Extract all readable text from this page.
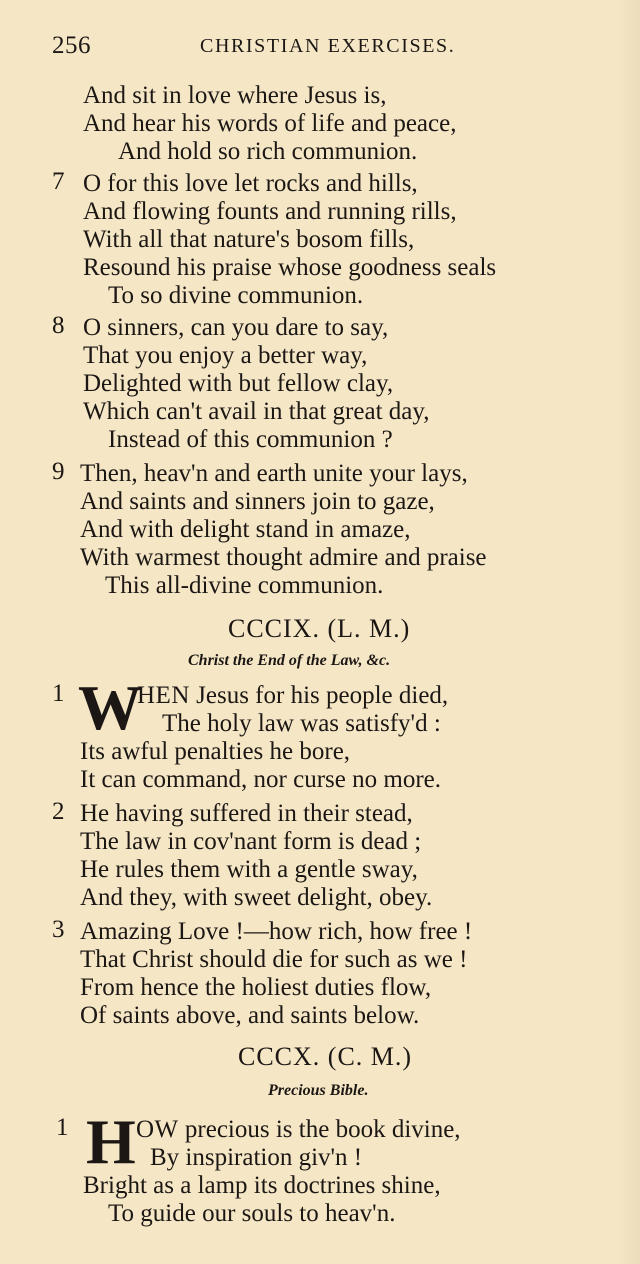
256	CHRISTIAN EXERCISES.
And sit in love where Jesus is,
And hear his words of life and peace,
And hold so rich communion.
7 O for this love let rocks and hills,
And flowing founts and running rills,
With all that nature's bosom fills,
Resound his praise whose goodness seals
To so divine communion.
8 O sinners, can you dare to say,
That you enjoy a better way,
Delighted with but fellow clay,
Which can't avail in that great day,
Instead of this communion ?
9 Then, heav'n and earth unite your lays,
And saints and sinners join to gaze,
And with delight stand in amaze,
With warmest thought admire and praise
This all-divine communion.
CCCIX. (L. M.)
Christ the End of the Law, &c.
1 W
HEN Jesus for his people died,
The holy law was satisfy'd :
Its awful penalties he bore,
It can command, nor curse no more.
2 He having suffered in their stead,
The law in cov'nant form is dead ;
He rules them with a gentle sway,
And they, with sweet delight, obey.
3 Amazing Love !—how rich, how free !
That Christ should die for such as we !
From hence the holiest duties flow,
Of saints above, and saints below.
CCCX. (C. M.)
Precious Bible.
1 H OW precious is the book divine,
By inspiration giv'n !
Bright as a lamp its doctrines shine,
To guide our souls to heav'n.
